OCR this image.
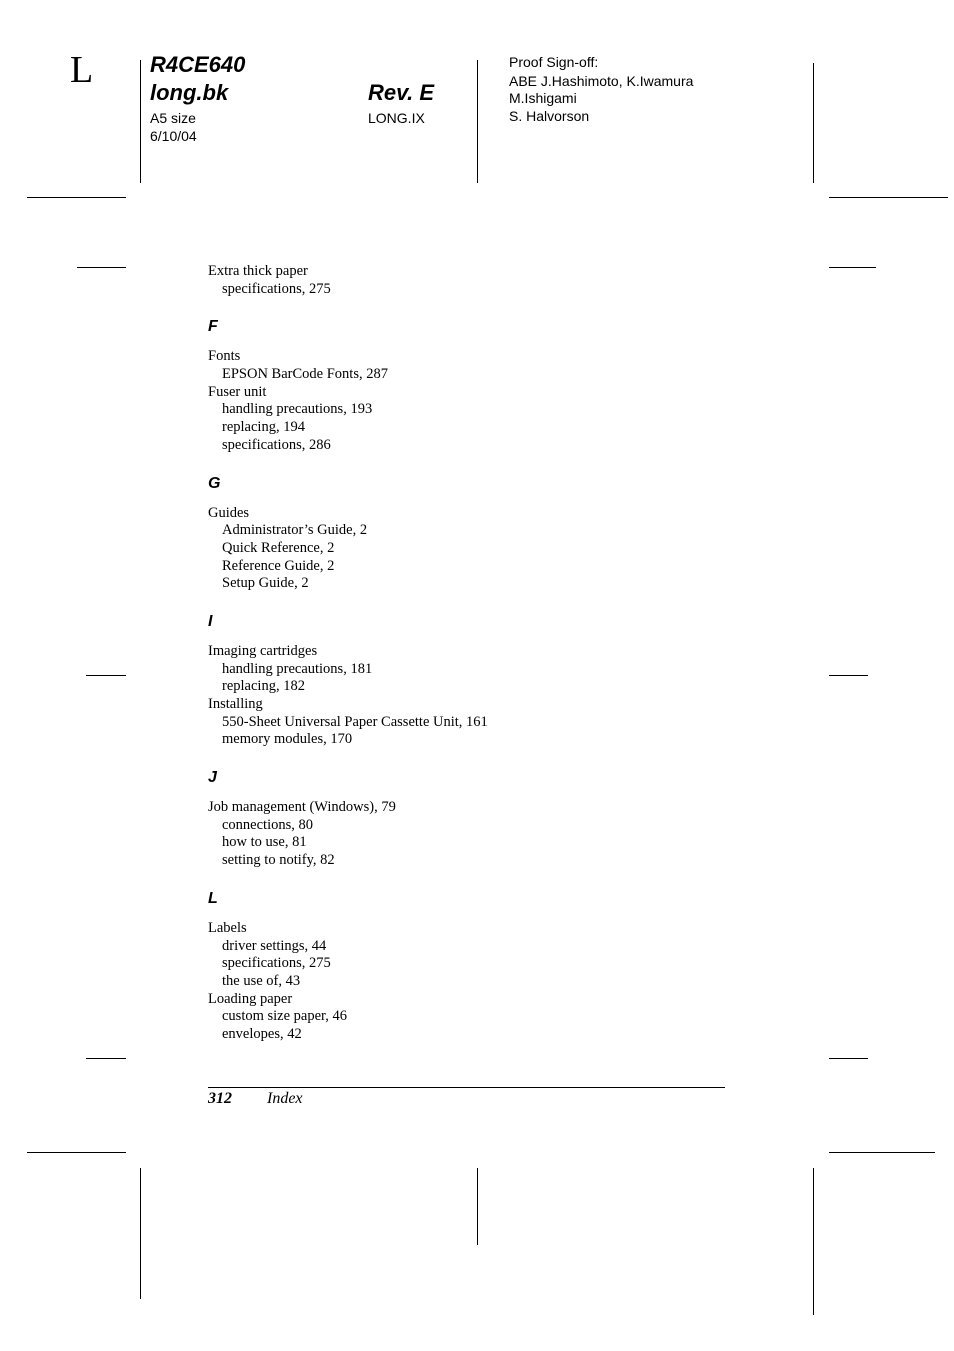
L	R4CE640
long.bk
A5 size
6/10/04
Rev. E
LONG.IX
Proof Sign-off:
ABE J.Hashimoto, K.Iwamura
M.Ishigami
S. Halvorson
Extra thick paper
specifications, 275
F
Fonts
EPSON BarCode Fonts, 287
Fuser unit
handling precautions, 193
replacing, 194
specifications, 286
G
Guides
Administrator’s Guide, 2
Quick Reference, 2
Reference Guide, 2
Setup Guide, 2
I
Imaging cartridges
handling precautions, 181
replacing, 182
Installing
550-Sheet Universal Paper Cassette Unit, 161
memory modules, 170
J
Job management (Windows), 79
connections, 80
how to use, 81
setting to notify, 82
L
Labels
driver settings, 44
specifications, 275
the use of, 43
Loading paper
custom size paper, 46
envelopes, 42
312 Index
